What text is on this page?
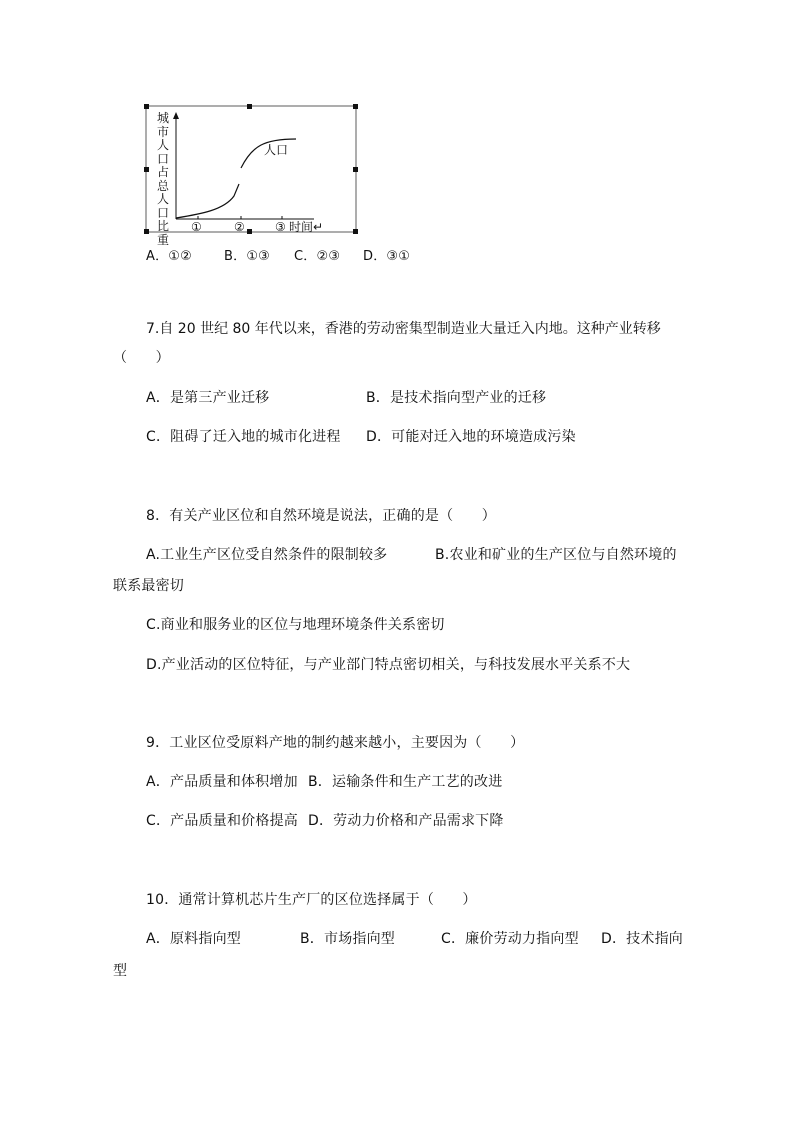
城市人口占总人口比重
人口
①	②	③ 时间↵
A．①② B．①③ C．②③ D．③①
7.自 20 世纪 80 年代以来，香港的劳动密集型制造业大量迁入内地。这种产业转移
（　　）
A．是第三产业迁移	B．是技术指向型产业的迁移
C．阻碍了迁入地的城市化进程 D．可能对迁入地的环境造成污染
8．有关产业区位和自然环境是说法，正确的是（　　）
A.工业生产区位受自然条件的限制较多	B.农业和矿业的生产区位与自然环境的
联系最密切
C.商业和服务业的区位与地理环境条件关系密切
D.产业活动的区位特征，与产业部门特点密切相关，与科技发展水平关系不大
9．工业区位受原料产地的制约越来越小，主要因为（　　）
A．产品质量和体积增加 B．运输条件和生产工艺的改进
C．产品质量和价格提高 D．劳动力价格和产品需求下降
10．通常计算机芯片生产厂的区位选择属于（　　）
A．原料指向型	B．市场指向型	C．廉价劳动力指向型 D．技术指向
型
